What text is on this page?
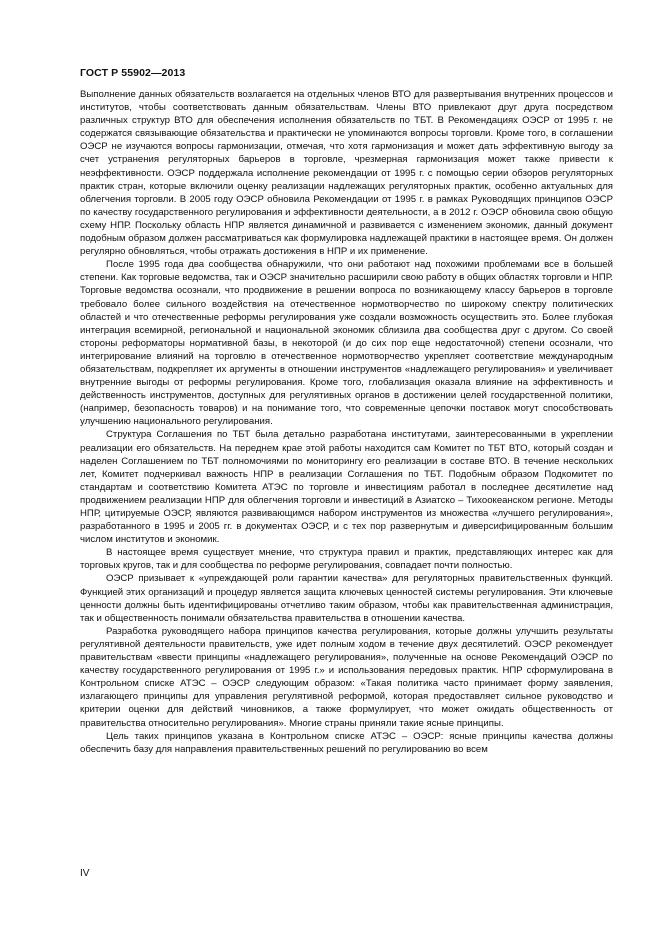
ГОСТ Р 55902—2013

Выполнение данных обязательств возлагается на отдельных членов ВТО для развертывания внутренних процессов и институтов, чтобы соответствовать данным обязательствам. Члены ВТО привлекают друг друга посредством различных структур ВТО для обеспечения исполнения обязательств по ТБТ. В Рекомендациях ОЭСР от 1995 г. не содержатся связывающие обязательства и практически не упоминаются вопросы торговли. Кроме того, в соглашении ОЭСР не изучаются вопросы гармонизации, отмечая, что хотя гармонизация и может дать эффективную выгоду за счет устранения регуляторных барьеров в торговле, чрезмерная гармонизация может также привести к неэффективности. ОЭСР поддержала исполнение рекомендации от 1995 г. с помощью серии обзоров регуляторных практик стран, которые включили оценку реализации надлежащих регуляторных практик, особенно актуальных для облегчения торговли. В 2005 году ОЭСР обновила Рекомендации от 1995 г. в рамках Руководящих принципов ОЭСР по качеству государственного регулирования и эффективности деятельности, а в 2012 г. ОЭСР обновила свою общую схему НПР. Поскольку область НПР является динамичной и развивается с изменением экономик, данный документ подобным образом должен рассматриваться как формулировка надлежащей практики в настоящее время. Он должен регулярно обновляться, чтобы отражать достижения в НПР и их применение.

После 1995 года два сообщества обнаружили, что они работают над похожими проблемами все в большей степени. Как торговые ведомства, так и ОЭСР значительно расширили свою работу в общих областях торговли и НПР. Торговые ведомства осознали, что продвижение в решении вопроса по возникающему классу барьеров в торговле требовало более сильного воздействия на отечественное нормотворчество по широкому спектру политических областей и что отечественные реформы регулирования уже создали возможность осуществить это. Более глубокая интеграция всемирной, региональной и национальной экономик сблизила два сообщества друг с другом. Со своей стороны реформаторы нормативной базы, в некоторой (и до сих пор еще недостаточной) степени осознали, что интегрирование влияний на торговлю в отечественное нормотворчество укрепляет соответствие международным обязательствам, подкрепляет их аргументы в отношении инструментов «надлежащего регулирования» и увеличивает внутренние выгоды от реформы регулирования. Кроме того, глобализация оказала влияние на эффективность и действенность инструментов, доступных для регулятивных органов в достижении целей государственной политики, (например, безопасность товаров) и на понимание того, что современные цепочки поставок могут способствовать улучшению национального регулирования.

Структура Соглашения по ТБТ была детально разработана институтами, заинтересованными в укреплении реализации его обязательств. На переднем крае этой работы находится сам Комитет по ТБТ ВТО, который создан и наделен Соглашением по ТБТ полномочиями по мониторингу его реализации в составе ВТО. В течение нескольких лет, Комитет подчеркивал важность НПР в реализации Соглашения по ТБТ. Подобным образом Подкомитет по стандартам и соответствию Комитета АТЭС по торговле и инвестициям работал в последнее десятилетие над продвижением реализации НПР для облегчения торговли и инвестиций в Азиатско – Тихоокеанском регионе. Методы НПР, цитируемые ОЭСР, являются развивающимся набором инструментов из множества «лучшего регулирования», разработанного в 1995 и 2005 гг. в документах ОЭСР, и с тех пор развернутым и диверсифицированным большим числом институтов и экономик.

В настоящее время существует мнение, что структура правил и практик, представляющих интерес как для торговых кругов, так и для сообщества по реформе регулирования, совпадает почти полностью.

ОЭСР призывает к «упреждающей роли гарантии качества» для регуляторных правительственных функций. Функцией этих организаций и процедур является защита ключевых ценностей системы регулирования. Эти ключевые ценности должны быть идентифицированы отчетливо таким образом, чтобы как правительственная администрация, так и общественность понимали обязательства правительства в отношении качества.

Разработка руководящего набора принципов качества регулирования, которые должны улучшить результаты регулятивной деятельности правительств, уже идет полным ходом в течение двух десятилетий. ОЭСР рекомендует правительствам «ввести принципы «надлежащего регулирования», полученные на основе Рекомендаций ОЭСР по качеству государственного регулирования от 1995 г.» и использования передовых практик. НПР сформулирована в Контрольном списке АТЭС – ОЭСР следующим образом: «Такая политика часто принимает форму заявления, излагающего принципы для управления регулятивной реформой, которая предоставляет сильное руководство и критерии оценки для действий чиновников, а также формулирует, что может ожидать общественность от правительства относительно регулирования». Многие страны приняли такие ясные принципы.

Цель таких принципов указана в Контрольном списке АТЭС – ОЭСР: ясные принципы качества должны обеспечить базу для направления правительственных решений по регулированию во всем

IV
